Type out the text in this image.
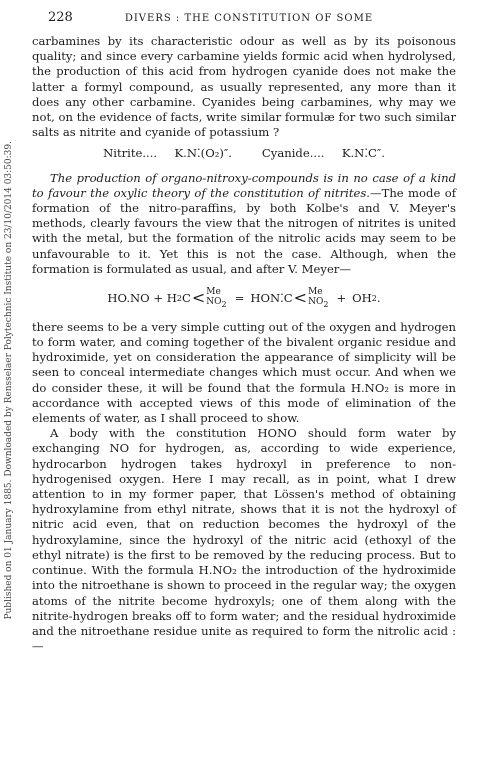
Published on 01 January 1885. Downloaded by Rensselaer Polytechnic Institute on 23/10/2014 03:50:39.
228	DIVERS : THE CONSTITUTION OF SOME

carbamines by its characteristic odour as well as by its poisonous quality; and since every carbamine yields formic acid when hydrolysed, the production of this acid from hydrogen cyanide does not make the latter a formyl compound, as usually represented, any more than it does any other carbamine. Cyanides being carbamines, why may we not, on the evidence of facts, write similar formulæ for two such similar salts as nitrite and cyanide of potassium ?

Nitrite.... K.N⁚(O₂)″.	Cyanide.... K.N⁚C″.

The production of organo-nitroxy-compounds is in no case of a kind to favour the oxylic theory of the constitution of nitrites.—The mode of formation of the nitro-paraffins, by both Kolbe's and V. Meyer's methods, clearly favours the view that the nitrogen of nitrites is united with the metal, but the formation of the nitrolic acids may seem to be unfavourable to it. Yet this is not the case. Although, when the formation is formulated as usual, and after V. Meyer—

HO.NO + H 2 C < Me
$NO_2$ = HON⁚C < Me
$NO_2$ + OH 2 .

there seems to be a very simple cutting out of the oxygen and hydrogen to form water, and coming together of the bivalent organic residue and hydroximide, yet on consideration the appearance of simplicity will be seen to conceal intermediate changes which must occur. And when we do consider these, it will be found that the formula H.NO₂ is more in accordance with accepted views of this mode of elimination of the elements of water, as I shall proceed to show.

A body with the constitution HONO should form water by exchanging NO for hydrogen, as, according to wide experience, hydrocarbon hydrogen takes hydroxyl in preference to non-hydrogenised oxygen. Here I may recall, as in point, what I drew attention to in my former paper, that Lössen's method of obtaining hydroxylamine from ethyl nitrate, shows that it is not the hydroxyl of nitric acid even, that on reduction becomes the hydroxyl of the hydroxylamine, since the hydroxyl of the nitric acid (ethoxyl of the ethyl nitrate) is the first to be removed by the reducing process. But to continue. With the formula H.NO₂ the introduction of the hydroximide into the nitroethane is shown to proceed in the regular way; the oxygen atoms of the nitrite become hydroxyls; one of them along with the nitrite-hydrogen breaks off to form water; and the residual hydroximide and the nitroethane residue unite as required to form the nitrolic acid :—
